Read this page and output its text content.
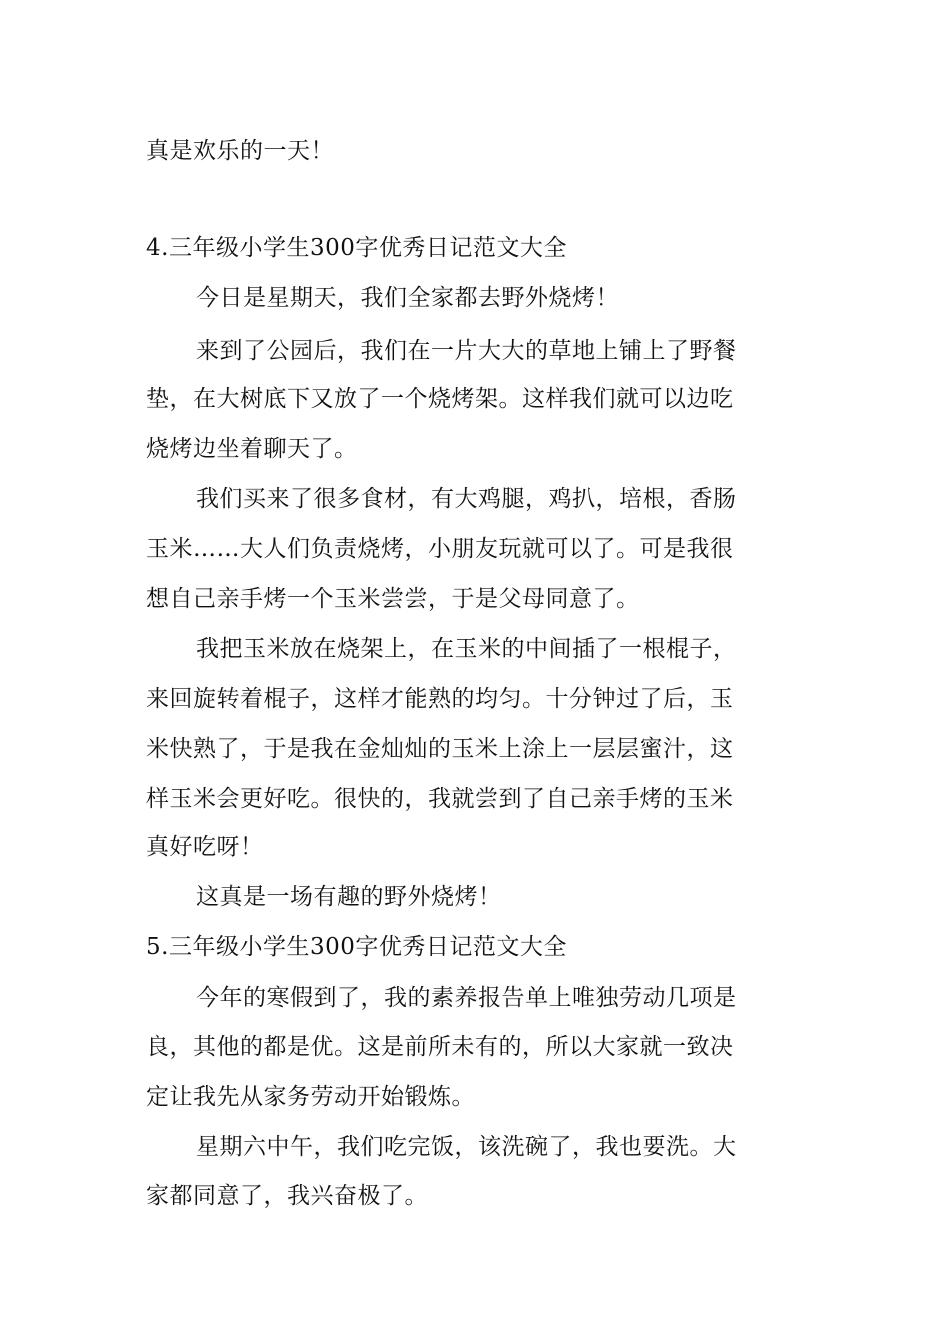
真是欢乐的一天！
4.三年级小学生300字优秀日记范文大全
今日是星期天，我们全家都去野外烧烤！
来到了公园后，我们在一片大大的草地上铺上了野餐
垫，在大树底下又放了一个烧烤架。这样我们就可以边吃
烧烤边坐着聊天了。
我们买来了很多食材，有大鸡腿，鸡扒，培根，香肠
玉米……大人们负责烧烤，小朋友玩就可以了。可是我很
想自己亲手烤一个玉米尝尝，于是父母同意了。
我把玉米放在烧架上，在玉米的中间插了一根棍子，
来回旋转着棍子，这样才能熟的均匀。十分钟过了后，玉
米快熟了，于是我在金灿灿的玉米上涂上一层层蜜汁，这
样玉米会更好吃。很快的，我就尝到了自己亲手烤的玉米
真好吃呀！
这真是一场有趣的野外烧烤！
5.三年级小学生300字优秀日记范文大全
今年的寒假到了，我的素养报告单上唯独劳动几项是
良，其他的都是优。这是前所未有的，所以大家就一致决
定让我先从家务劳动开始锻炼。
星期六中午，我们吃完饭，该洗碗了，我也要洗。大
家都同意了，我兴奋极了。
